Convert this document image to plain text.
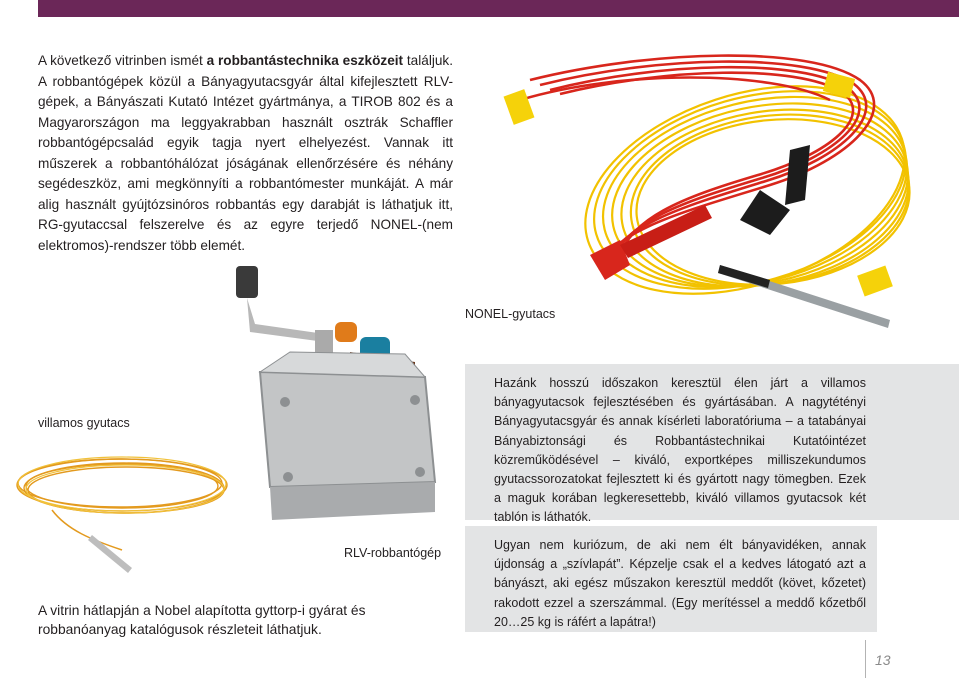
A következő vitrinben ismét a robbantástechnika eszközeit találjuk. A robbantógépek közül a Bányagyutacsgyár által kifejlesztett RLV-gépek, a Bányászati Kutató Intézet gyártmánya, a TIROB 802 és a Magyarországon ma leggyakrabban használt osztrák Schaffler robbantógépcsalád egyik tagja nyert elhelyezést. Vannak itt műszerek a robbantóhálózat jóságának ellenőrzésére és néhány segédeszköz, ami megkönnyíti a robbantómester munkáját. A már alig használt gyújtózsinóros robbantás egy darabját is láthatjuk itt, RG-gyutaccsal felszerelve és az egyre terjedő NONEL-(nem elektromos)-rendszer több elemét.

NONEL-gyutacs
villamos gyutacs

Hazánk hosszú időszakon keresztül élen járt a villamos bányagyutacsok fejlesztésében és gyártásában. A nagytétényi Bányagyutacsgyár és annak kísérleti laboratóriuma – a tatabányai Bányabiztonsági és Robbantástechnikai Kutatóintézet közreműködésével – kiváló, exportképes milliszekundumos gyutacssorozatokat fejlesztett ki és gyártott nagy tömegben. Ezek a maguk korában legkeresettebb, kiváló villamos gyutacsok két tablón is láthatók.

RLV-robbantógép

Ugyan nem kuriózum, de aki nem élt bányavidéken, annak újdonság a „szívlapát”. Képzelje csak el a kedves látogató azt a bányászt, aki egész műszakon keresztül meddőt (követ, kőzetet) rakodott ezzel a szerszámmal. (Egy merítéssel a meddő kőzetből 20…25 kg is ráfért a lapátra!)

A vitrin hátlapján a Nobel alapította gyttorp-i gyárat és robbanóanyag katalógusok részleteit láthatjuk.

13
